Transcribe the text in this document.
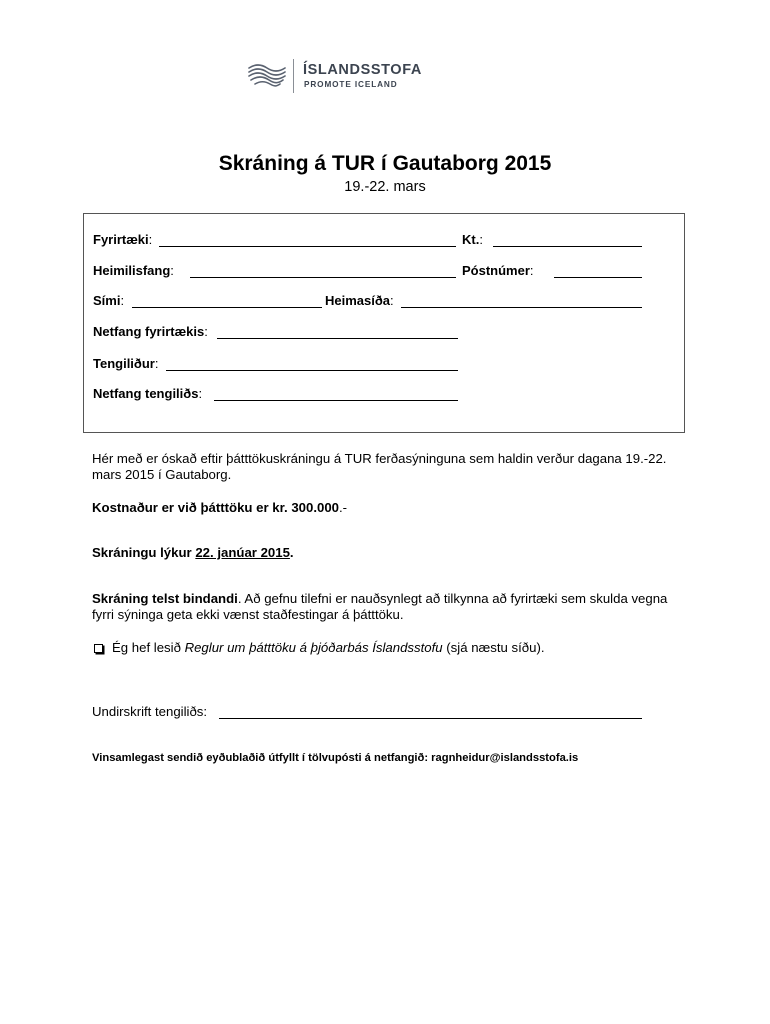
ÍSLANDSSTOFA
PROMOTE ICELAND
Skráning á TUR í Gautaborg 2015
19.-22. mars
Fyrirtæki:	Kt.:
Heimilisfang:	Póstnúmer:
Sími:	Heimasíða:
Netfang fyrirtækis:
Tengiliður:
Netfang tengiliðs:
Hér með er óskað eftir þátttökuskráningu á TUR ferðasýninguna sem haldin verður dagana 19.-22. mars 2015 í Gautaborg.
Kostnaður er við þátttöku er kr. 300.000.-
Skráningu lýkur 22. janúar 2015.
Skráning telst bindandi. Að gefnu tilefni er nauðsynlegt að tilkynna að fyrirtæki sem skulda vegna fyrri sýninga geta ekki vænst staðfestingar á þátttöku.
Ég hef lesið Reglur um þátttöku á þjóðarbás Íslandsstofu (sjá næstu síðu).
Undirskrift tengiliðs:
Vinsamlegast sendið eyðublaðið útfyllt í tölvupósti á netfangið: ragnheidur@islandsstofa.is
